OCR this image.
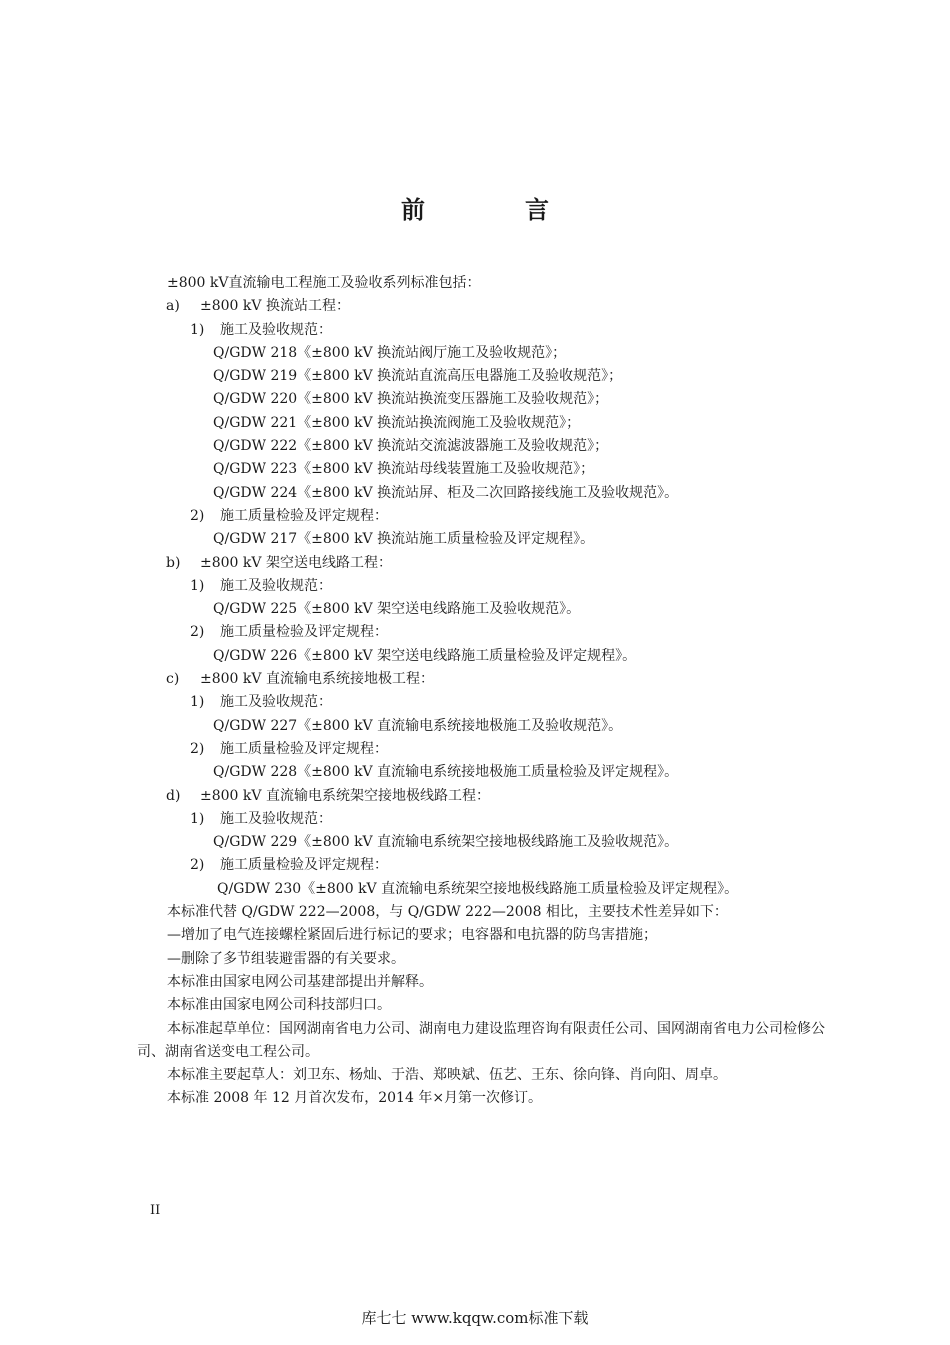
前　言
±800 kV直流输电工程施工及验收系列标准包括：
a) ±800 kV 换流站工程：
1) 施工及验收规范：
Q/GDW 218《±800 kV 换流站阀厅施工及验收规范》；
Q/GDW 219《±800 kV 换流站直流高压电器施工及验收规范》；
Q/GDW 220《±800 kV 换流站换流变压器施工及验收规范》；
Q/GDW 221《±800 kV 换流站换流阀施工及验收规范》；
Q/GDW 222《±800 kV 换流站交流滤波器施工及验收规范》；
Q/GDW 223《±800 kV 换流站母线装置施工及验收规范》；
Q/GDW 224《±800 kV 换流站屏、柜及二次回路接线施工及验收规范》。
2) 施工质量检验及评定规程：
Q/GDW 217《±800 kV 换流站施工质量检验及评定规程》。
b) ±800 kV 架空送电线路工程：
1) 施工及验收规范：
Q/GDW 225《±800 kV 架空送电线路施工及验收规范》。
2) 施工质量检验及评定规程：
Q/GDW 226《±800 kV 架空送电线路施工质量检验及评定规程》。
c) ±800 kV 直流输电系统接地极工程：
1) 施工及验收规范：
Q/GDW 227《±800 kV 直流输电系统接地极施工及验收规范》。
2) 施工质量检验及评定规程：
Q/GDW 228《±800 kV 直流输电系统接地极施工质量检验及评定规程》。
d) ±800 kV 直流输电系统架空接地极线路工程：
1) 施工及验收规范：
Q/GDW 229《±800 kV 直流输电系统架空接地极线路施工及验收规范》。
2) 施工质量检验及评定规程：
Q/GDW 230《±800 kV 直流输电系统架空接地极线路施工质量检验及评定规程》。
本标准代替 Q/GDW 222—2008，与 Q/GDW 222—2008 相比，主要技术性差异如下：
—增加了电气连接螺栓紧固后进行标记的要求；电容器和电抗器的防鸟害措施；
—删除了多节组装避雷器的有关要求。
本标准由国家电网公司基建部提出并解释。
本标准由国家电网公司科技部归口。
本标准起草单位：国网湖南省电力公司、湖南电力建设监理咨询有限责任公司、国网湖南省电力公司检修公司、湖南省送变电工程公司。
本标准主要起草人：刘卫东、杨灿、于浩、郑映斌、伍艺、王东、徐向锋、肖向阳、周卓。
本标准 2008 年 12 月首次发布，2014 年×月第一次修订。
II
库七七 www.kqqw.com标准下载
